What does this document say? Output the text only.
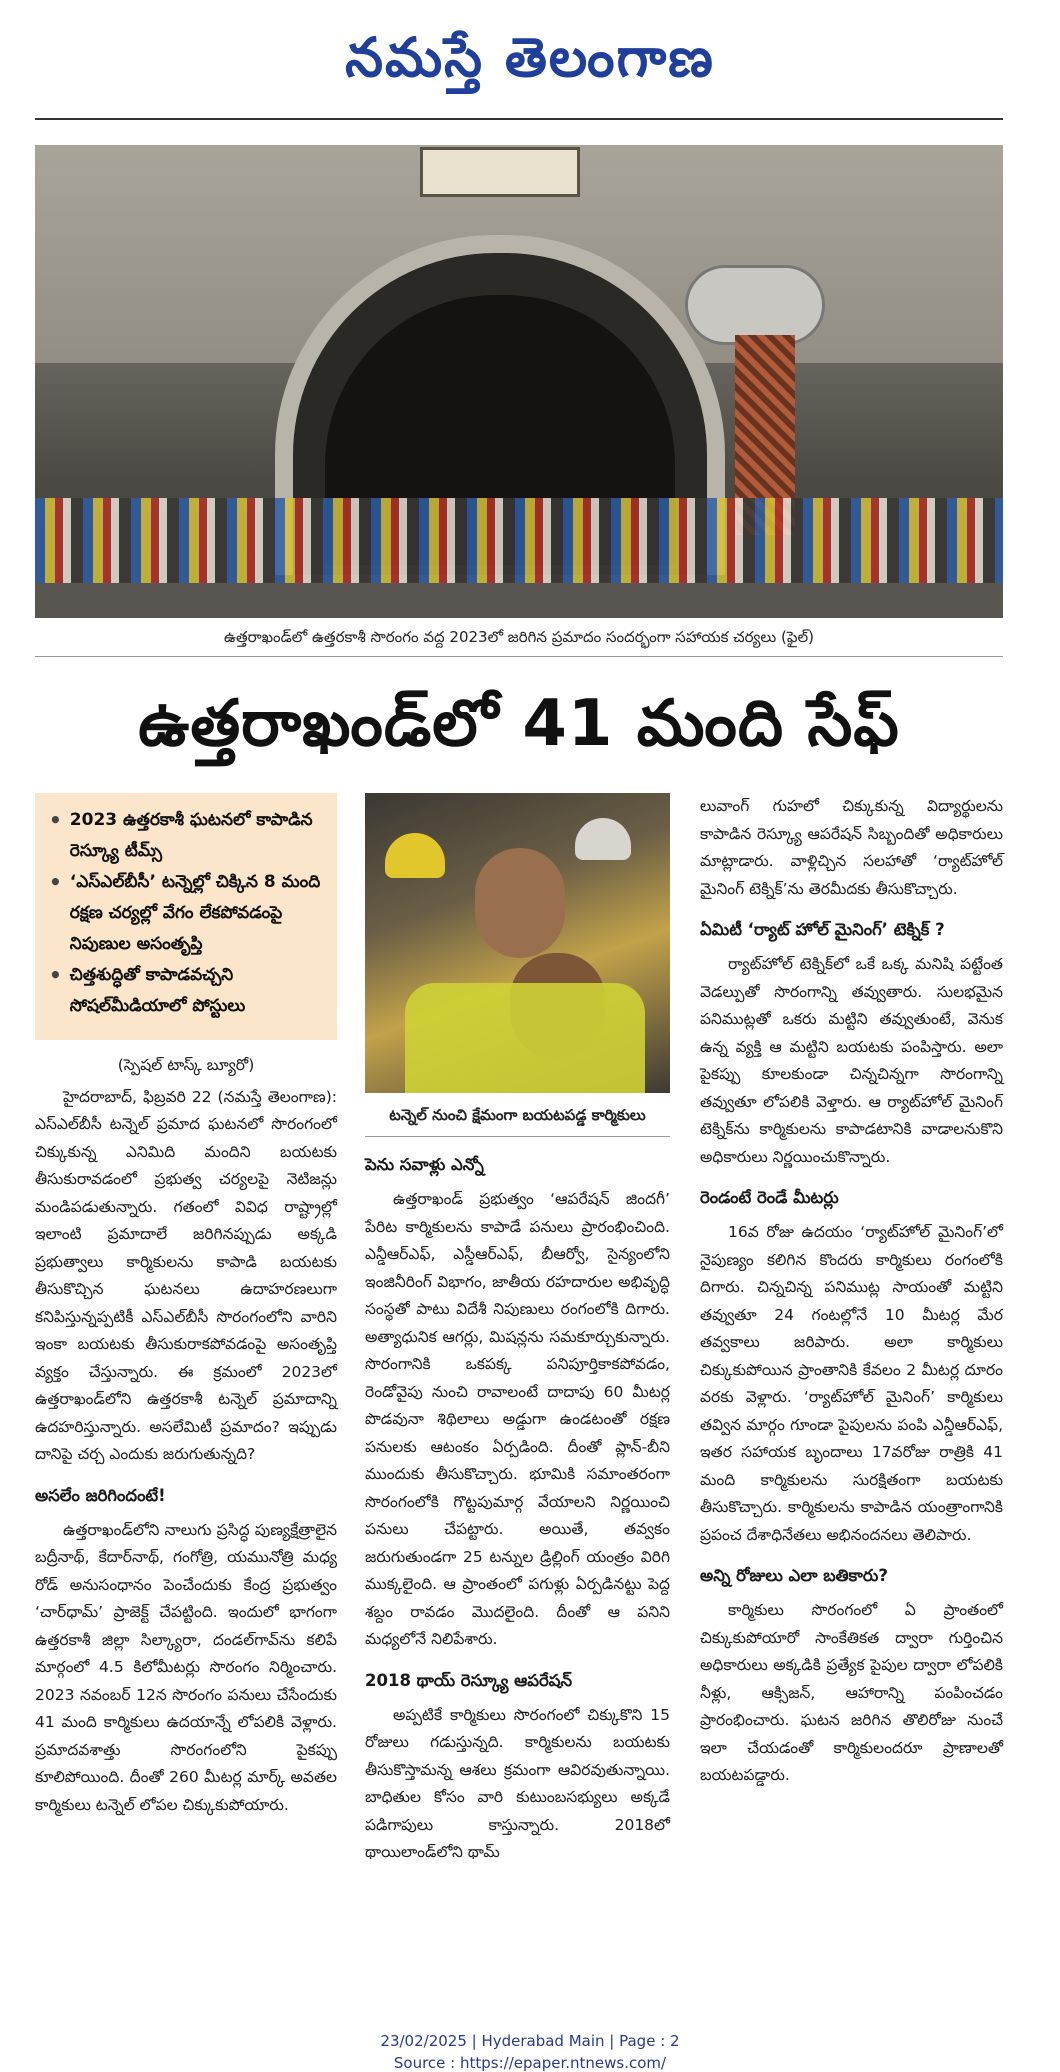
నమస్తే తెలంగాణ
ఉత్తరాఖండ్‌లో ఉత్తరకాశీ సొరంగం వద్ద 2023లో జరిగిన ప్రమాదం సందర్భంగా సహాయక చర్యలు (ఫైల్)
ఉత్తరాఖండ్‌లో 41 మంది సేఫ్
• 2023 ఉత్తరకాశీ ఘటనలో కాపాడిన రెస్క్యూ టీమ్స్
• ‘ఎస్‌ఎల్‌బీసీ’ టన్నెల్లో చిక్కిన 8 మంది రక్షణ చర్యల్లో వేగం లేకపోవడంపై నిపుణుల అసంతృప్తి
• చిత్తశుద్ధితో కాపాడవచ్చని సోషల్‌మీడియాలో పోస్టులు

(స్పెషల్ టాస్క్ బ్యూరో)

హైదరాబాద్, ఫిబ్రవరి 22 (నమస్తే తెలంగాణ): ఎస్‌ఎల్‌బీసీ టన్నెల్ ప్రమాద ఘటనలో సొరంగంలో చిక్కుకున్న ఎనిమిది మందిని బయటకు తీసుకురావడంలో ప్రభుత్వ చర్యలపై నెటిజన్లు మండిపడుతున్నారు. గతంలో వివిధ రాష్ట్రాల్లో ఇలాంటి ప్రమాదాలే జరిగినప్పుడు అక్కడి ప్రభుత్వాలు కార్మికులను కాపాడి బయటకు తీసుకొచ్చిన ఘటనలు ఉదాహరణలుగా కనిపిస్తున్నప్పటికీ ఎస్‌ఎల్‌బీసీ సొరంగంలోని వారిని ఇంకా బయటకు తీసుకురాకపోవడంపై అసంతృప్తి వ్యక్తం చేస్తున్నారు. ఈ క్రమంలో 2023లో ఉత్తరాఖండ్‌లోని ఉత్తరకాశీ టన్నెల్ ప్రమాదాన్ని ఉదహరిస్తున్నారు. అసలేమిటీ ప్రమాదం? ఇప్పుడు దానిపై చర్చ ఎందుకు జరుగుతున్నది?

అసలేం జరిగిందంటే!

ఉత్తరాఖండ్‌లోని నాలుగు ప్రసిద్ధ పుణ్యక్షేత్రాలైన బద్రీనాథ్, కేదార్‌నాథ్, గంగోత్రి, యమునోత్రి మధ్య రోడ్ అనుసంధానం పెంచేందుకు కేంద్ర ప్రభుత్వం ‘చార్‌ధామ్’ ప్రాజెక్ట్ చేపట్టింది. ఇందులో భాగంగా ఉత్తరకాశీ జిల్లా సిల్క్యారా, దండల్‌గావ్‌ను కలిపే మార్గంలో 4.5 కిలోమీటర్లు సొరంగం నిర్మించారు. 2023 నవంబర్ 12న సొరంగం పనులు చేసేందుకు 41 మంది కార్మికులు ఉదయాన్నే లోపలికి వెళ్లారు. ప్రమాదవశాత్తు సొరంగంలోని పైకప్పు కూలిపోయింది. దీంతో 260 మీటర్ల మార్క్ అవతల కార్మికులు టన్నెల్ లోపల చిక్కుకుపోయారు.

టన్నెల్ నుంచి క్షేమంగా బయటపడ్డ కార్మికులు

పెను సవాళ్లు ఎన్నో

ఉత్తరాఖండ్ ప్రభుత్వం ‘ఆపరేషన్ జిందగీ’ పేరిట కార్మికులను కాపాడే పనులు ప్రారంభించింది. ఎన్డీఆర్‌ఎఫ్, ఎస్డీఆర్‌ఎఫ్, బీఆర్వో, సైన్యంలోని ఇంజినీరింగ్ విభాగం, జాతీయ రహదారుల అభివృద్ధి సంస్థతో పాటు విదేశీ నిపుణులు రంగంలోకి దిగారు. అత్యాధునిక ఆగర్లు, మిషన్లను సమకూర్చుకున్నారు. సొరంగానికి ఒకపక్క పనిపూర్తికాకపోవడం, రెండోవైపు నుంచి రావాలంటే దాదాపు 60 మీటర్ల పొడవునా శిథిలాలు అడ్డుగా ఉండటంతో రక్షణ పనులకు ఆటంకం ఏర్పడింది. దీంతో ప్లాన్-బీని ముందుకు తీసుకొచ్చారు. భూమికి సమాంతరంగా సొరంగంలోకి గొట్టపుమార్గ వేయాలని నిర్ణయించి పనులు చేపట్టారు. అయితే, తవ్వకం జరుగుతుండగా 25 టన్నుల డ్రిల్లింగ్ యంత్రం విరిగి ముక్కలైంది. ఆ ప్రాంతంలో పగుళ్లు ఏర్పడినట్టు పెద్ద శబ్దం రావడం మొదలైంది. దీంతో ఆ పనిని మధ్యలోనే నిలిపేశారు.

2018 థాయ్ రెస్క్యూ ఆపరేషన్

అప్పటికే కార్మికులు సొరంగంలో చిక్కుకొని 15 రోజులు గడుస్తున్నది. కార్మికులను బయటకు తీసుకొస్తామన్న ఆశలు క్రమంగా ఆవిరవుతున్నాయి. బాధితుల కోసం వారి కుటుంబసభ్యులు అక్కడే పడిగాపులు కాస్తున్నారు. 2018లో థాయిలాండ్‌లోని థామ్

లువాంగ్ గుహలో చిక్కుకున్న విద్యార్థులను కాపాడిన రెస్క్యూ ఆపరేషన్ సిబ్బందితో అధికారులు మాట్లాడారు. వాళ్లిచ్చిన సలహాతో ‘ర్యాట్‌హోల్ మైనింగ్ టెక్నిక్’ను తెరమీదకు తీసుకొచ్చారు.

ఏమిటీ ‘ర్యాట్ హోల్ మైనింగ్’ టెక్నిక్ ?

ర్యాట్‌హోల్ టెక్నిక్‌లో ఒకే ఒక్క మనిషి పట్టేంత వెడల్పుతో సొరంగాన్ని తవ్వుతారు. సులభమైన పనిముట్లతో ఒకరు మట్టిని తవ్వుతుంటే, వెనుక ఉన్న వ్యక్తి ఆ మట్టిని బయటకు పంపిస్తారు. అలా పైకప్పు కూలకుండా చిన్నచిన్నగా సొరంగాన్ని తవ్వుతూ లోపలికి వెళ్తారు. ఆ ర్యాట్‌హోల్ మైనింగ్ టెక్నిక్‌ను కార్మికులను కాపాడటానికి వాడాలనుకొని అధికారులు నిర్ణయించుకొన్నారు.

రెండంటే రెండే మీటర్లు

16వ రోజు ఉదయం ‘ర్యాట్‌హోల్ మైనింగ్’లో నైపుణ్యం కలిగిన కొందరు కార్మికులు రంగంలోకి దిగారు. చిన్నచిన్న పనిముట్ల సాయంతో మట్టిని తవ్వుతూ 24 గంటల్లోనే 10 మీటర్ల మేర తవ్వకాలు జరిపారు. అలా కార్మికులు చిక్కుకుపోయిన ప్రాంతానికి కేవలం 2 మీటర్ల దూరం వరకు వెళ్లారు. ‘ర్యాట్‌హోల్ మైనింగ్’ కార్మికులు తవ్విన మార్గం గూండా పైపులను పంపి ఎన్డీఆర్‌ఎఫ్, ఇతర సహాయక బృందాలు 17వరోజు రాత్రికి 41 మంది కార్మికులను సురక్షితంగా బయటకు తీసుకొచ్చారు. కార్మికులను కాపాడిన యంత్రాంగానికి ప్రపంచ దేశాధినేతలు అభినందనలు తెలిపారు.

అన్ని రోజులు ఎలా బతికారు?

కార్మికులు సొరంగంలో ఏ ప్రాంతంలో చిక్కుకుపోయారో సాంకేతికత ద్వారా గుర్తించిన అధికారులు అక్కడికి ప్రత్యేక పైపుల ద్వారా లోపలికి నీళ్లు, ఆక్సిజన్, ఆహారాన్ని పంపించడం ప్రారంభించారు. ఘటన జరిగిన తొలిరోజు నుంచే ఇలా చేయడంతో కార్మికులందరూ ప్రాణాలతో బయటపడ్డారు.

23/02/2025 | Hyderabad Main | Page : 2
Source : https://epaper.ntnews.com/
